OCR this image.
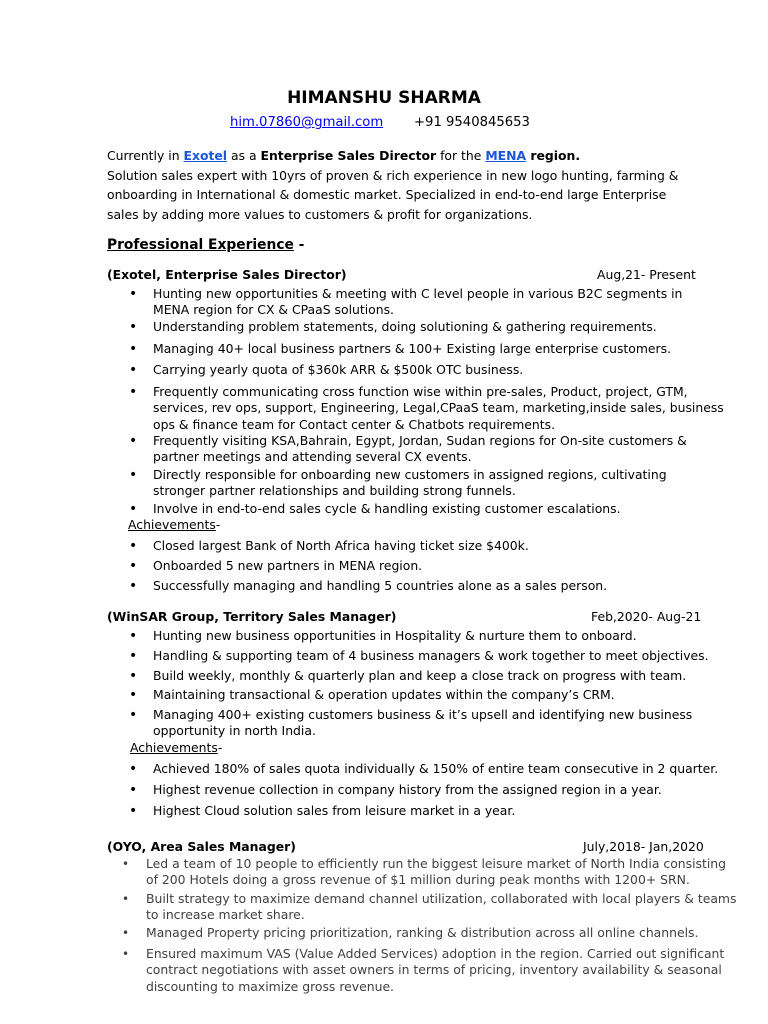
HIMANSHU SHARMA
him.07860@gmail.com +91 9540845653

Currently in Exotel as a Enterprise Sales Director for the MENA region.

Solution sales expert with 10yrs of proven & rich experience in new logo hunting, farming &

onboarding in International & domestic market. Specialized in end-to-end large Enterprise

sales by adding more values to customers & profit for organizations.

Professional Experience -
(Exotel, Enterprise Sales Director)	Aug,21- Present
• Hunting new opportunities & meeting with C level people in various B2C segments in
MENA region for CX & CPaaS solutions.
• Understanding problem statements, doing solutioning & gathering requirements.
• Managing 40+ local business partners & 100+ Existing large enterprise customers.
• Carrying yearly quota of $360k ARR & $500k OTC business.
• Frequently communicating cross function wise within pre-sales, Product, project, GTM,
services, rev ops, support, Engineering, Legal,CPaaS team, marketing,inside sales, business
ops & finance team for Contact center & Chatbots requirements.
• Frequently visiting KSA,Bahrain, Egypt, Jordan, Sudan regions for On-site customers &
partner meetings and attending several CX events.
• Directly responsible for onboarding new customers in assigned regions, cultivating
stronger partner relationships and building strong funnels.
• Involve in end-to-end sales cycle & handling existing customer escalations.
Achievements-
• Closed largest Bank of North Africa having ticket size $400k.
• Onboarded 5 new partners in MENA region.
• Successfully managing and handling 5 countries alone as a sales person.
(WinSAR Group, Territory Sales Manager)	Feb,2020- Aug-21
• Hunting new business opportunities in Hospitality & nurture them to onboard.
• Handling & supporting team of 4 business managers & work together to meet objectives.
• Build weekly, monthly & quarterly plan and keep a close track on progress with team.
• Maintaining transactional & operation updates within the company’s CRM.
• Managing 400+ existing customers business & it’s upsell and identifying new business
opportunity in north India.
Achievements-
• Achieved 180% of sales quota individually & 150% of entire team consecutive in 2 quarter.
• Highest revenue collection in company history from the assigned region in a year.
• Highest Cloud solution sales from leisure market in a year.
(OYO, Area Sales Manager)	July,2018- Jan,2020
• Led a team of 10 people to efficiently run the biggest leisure market of North India consisting
of 200 Hotels doing a gross revenue of $1 million during peak months with 1200+ SRN.
• Built strategy to maximize demand channel utilization, collaborated with local players & teams
to increase market share.
• Managed Property pricing prioritization, ranking & distribution across all online channels.
• Ensured maximum VAS (Value Added Services) adoption in the region. Carried out significant
contract negotiations with asset owners in terms of pricing, inventory availability & seasonal
discounting to maximize gross revenue.
